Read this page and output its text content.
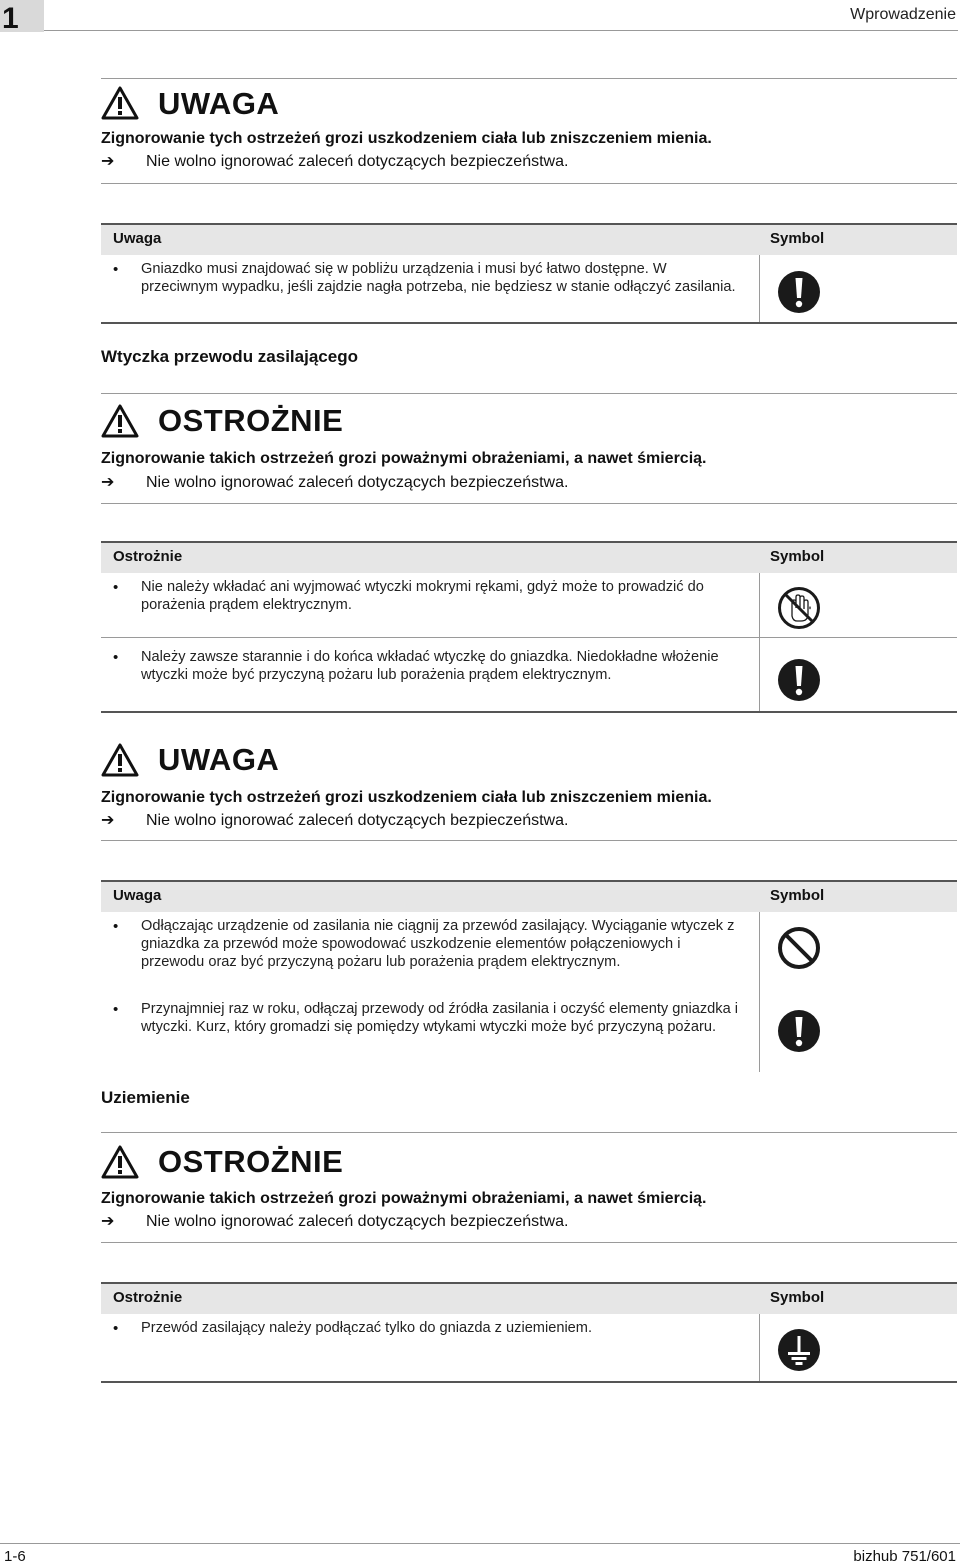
1	Wprowadzenie
UWAGA
Zignorowanie tych ostrzeżeń grozi uszkodzeniem ciała lub zniszczeniem mienia.
➔ Nie wolno ignorować zaleceń dotyczących bezpieczeństwa.
Uwaga	Symbol
• Gniazdko musi znajdować się w pobliżu urządzenia i musi być łatwo dostępne. W przeciwnym wypadku, jeśli zajdzie nagła potrzeba, nie będziesz w stanie odłączyć zasilania.
Wtyczka przewodu zasilającego
OSTROŻNIE
Zignorowanie takich ostrzeżeń grozi poważnymi obrażeniami, a nawet śmiercią.
➔ Nie wolno ignorować zaleceń dotyczących bezpieczeństwa.
Ostrożnie	Symbol
• Nie należy wkładać ani wyjmować wtyczki mokrymi rękami, gdyż może to prowadzić do porażenia prądem elektrycznym.
• Należy zawsze starannie i do końca wkładać wtyczkę do gniazdka. Niedokładne włożenie wtyczki może być przyczyną pożaru lub porażenia prądem elektrycznym.
UWAGA
Zignorowanie tych ostrzeżeń grozi uszkodzeniem ciała lub zniszczeniem mienia.
➔ Nie wolno ignorować zaleceń dotyczących bezpieczeństwa.
Uwaga	Symbol
• Odłączając urządzenie od zasilania nie ciągnij za przewód zasilający. Wyciąganie wtyczek z gniazdka za przewód może spowodować uszkodzenie elementów połączeniowych i przewodu oraz być przyczyną pożaru lub porażenia prądem elektrycznym.
• Przynajmniej raz w roku, odłączaj przewody od źródła zasilania i oczyść elementy gniazdka i wtyczki. Kurz, który gromadzi się pomiędzy wtykami wtyczki może być przyczyną pożaru.
Uziemienie
OSTROŻNIE
Zignorowanie takich ostrzeżeń grozi poważnymi obrażeniami, a nawet śmiercią.
➔ Nie wolno ignorować zaleceń dotyczących bezpieczeństwa.
Ostrożnie	Symbol
• Przewód zasilający należy podłączać tylko do gniazda z uziemieniem.
1-6	bizhub 751/601
